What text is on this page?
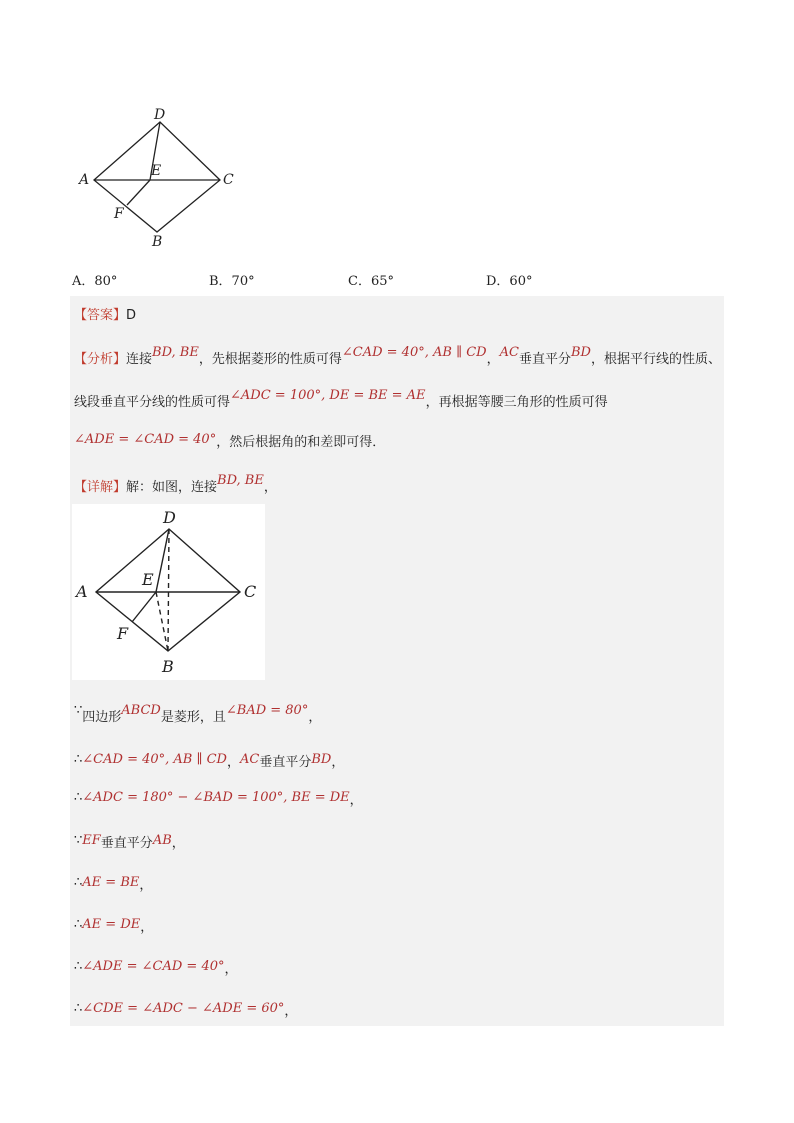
D
A
E
C
F
B
A．80°	B．70°	C．65°	D．60°
【答案】D
【分析】连接BD, BE，先根据菱形的性质可得∠CAD = 40°, AB ∥ CD，AC垂直平分BD，根据平行线的性质、
线段垂直平分线的性质可得∠ADC = 100°, DE = BE = AE，再根据等腰三角形的性质可得
∠ADE = ∠CAD = 40°，然后根据角的和差即可得．
【详解】解：如图，连接BD, BE，
D
A
E
C
F
B
∵四边形ABCD是菱形，且∠BAD = 80°，
∴∠CAD = 40°, AB ∥ CD，AC垂直平分BD，
∴∠ADC = 180° − ∠BAD = 100°, BE = DE，
∵EF垂直平分AB，
∴AE = BE，
∴AE = DE，
∴∠ADE = ∠CAD = 40°，
∴∠CDE = ∠ADC − ∠ADE = 60°，
